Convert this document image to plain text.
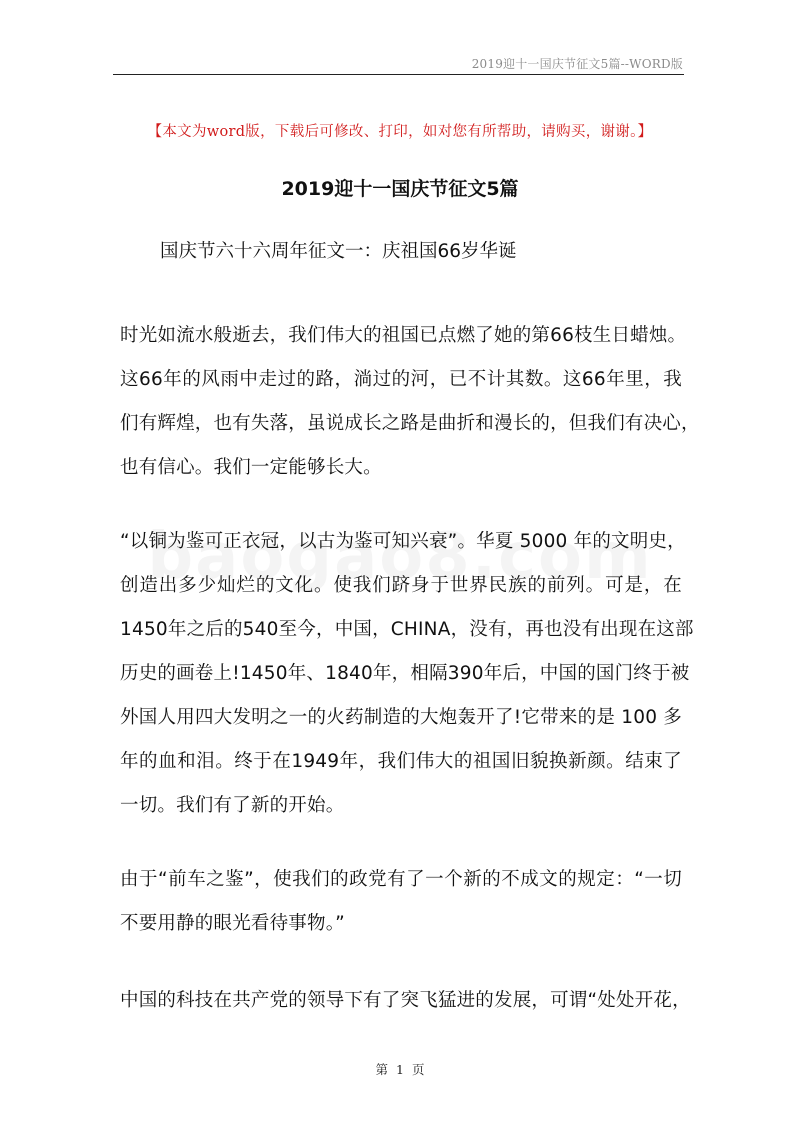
2019迎十一国庆节征文5篇--WORD版
【本文为word版，下载后可修改、打印，如对您有所帮助，请购买，谢谢。】
2019迎十一国庆节征文5篇
国庆节六十六周年征文一：庆祖国66岁华诞
时光如流水般逝去，我们伟大的祖国已点燃了她的第66枝生日蜡烛。
这66年的风雨中走过的路，淌过的河，已不计其数。这66年里，我
们有辉煌，也有失落，虽说成长之路是曲折和漫长的，但我们有决心，
也有信心。我们一定能够长大。
“以铜为鉴可正衣冠，以古为鉴可知兴衰”。华夏 5000 年的文明史，
创造出多少灿烂的文化。使我们跻身于世界民族的前列。可是，在
1450年之后的540至今，中国，CHINA，没有，再也没有出现在这部
历史的画卷上!1450年、1840年，相隔390年后，中国的国门终于被
外国人用四大发明之一的火药制造的大炮轰开了!它带来的是 100 多
年的血和泪。终于在1949年，我们伟大的祖国旧貌换新颜。结束了
一切。我们有了新的开始。
由于“前车之鉴”，使我们的政党有了一个新的不成文的规定：“一切
不要用静的眼光看待事物。”
中国的科技在共产党的领导下有了突飞猛进的发展，可谓“处处开花，
第 1 页
